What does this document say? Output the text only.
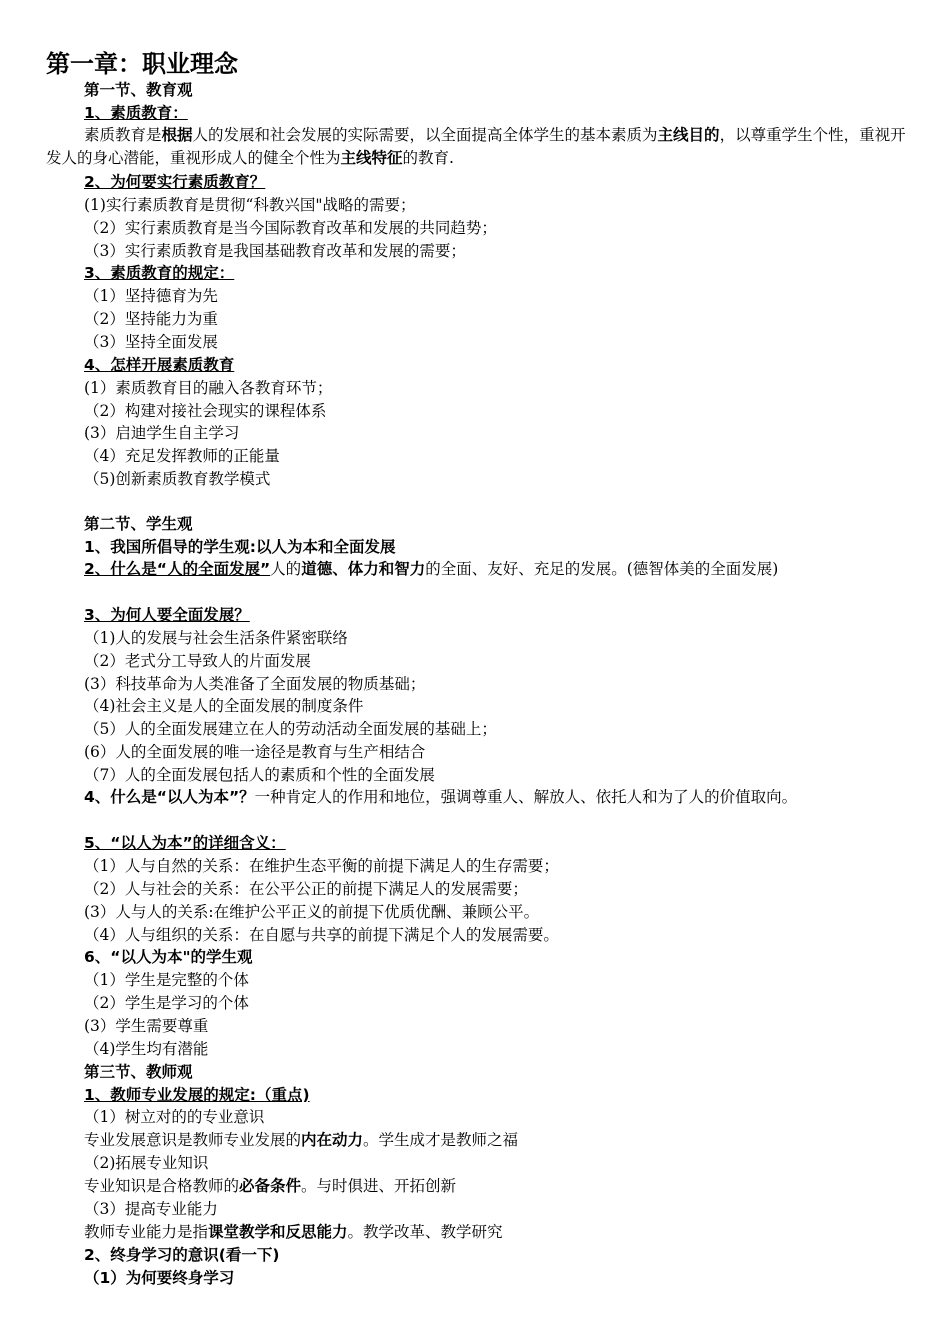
第一章：职业理念
第一节、教育观
1、素质教育：
素质教育是根据人的发展和社会发展的实际需要，以全面提高全体学生的基本素质为主线目的，以尊重学生个性，重视开发人的身心潜能，重视形成人的健全个性为主线特征的教育.
2、为何要实行素质教育？
(1)实行素质教育是贯彻“科教兴国"战略的需要；
（2）实行素质教育是当今国际教育改革和发展的共同趋势；
（3）实行素质教育是我国基础教育改革和发展的需要；
3、素质教育的规定：
（1）坚持德育为先
（2）坚持能力为重
（3）坚持全面发展
4、怎样开展素质教育
(1）素质教育目的融入各教育环节；
（2）构建对接社会现实的课程体系
(3）启迪学生自主学习
（4）充足发挥教师的正能量
（5)创新素质教育教学模式
第二节、学生观
1、我国所倡导的学生观:以人为本和全面发展
2、什么是“人的全面发展”人的道德、体力和智力的全面、友好、充足的发展。(德智体美的全面发展)
3、为何人要全面发展？
（1)人的发展与社会生活条件紧密联络
（2）老式分工导致人的片面发展
(3）科技革命为人类准备了全面发展的物质基础；
（4)社会主义是人的全面发展的制度条件
（5）人的全面发展建立在人的劳动活动全面发展的基础上；
(6）人的全面发展的唯一途径是教育与生产相结合
（7）人的全面发展包括人的素质和个性的全面发展
4、什么是“以人为本”？一种肯定人的作用和地位，强调尊重人、解放人、依托人和为了人的价值取向。
5、“以人为本”的详细含义：
（1）人与自然的关系：在维护生态平衡的前提下满足人的生存需要；
（2）人与社会的关系：在公平公正的前提下满足人的发展需要；
(3）人与人的关系:在维护公平正义的前提下优质优酬、兼顾公平。
（4）人与组织的关系：在自愿与共享的前提下满足个人的发展需要。
6、“以人为本"的学生观
（1）学生是完整的个体
（2）学生是学习的个体
(3）学生需要尊重
（4)学生均有潜能
第三节、教师观
1、教师专业发展的规定:（重点)
（1）树立对的的专业意识
专业发展意识是教师专业发展的内在动力。学生成才是教师之福
（2)拓展专业知识
专业知识是合格教师的必备条件。与时俱进、开拓创新
（3）提高专业能力
教师专业能力是指课堂教学和反思能力。教学改革、教学研究
2、终身学习的意识(看一下)
（1）为何要终身学习
